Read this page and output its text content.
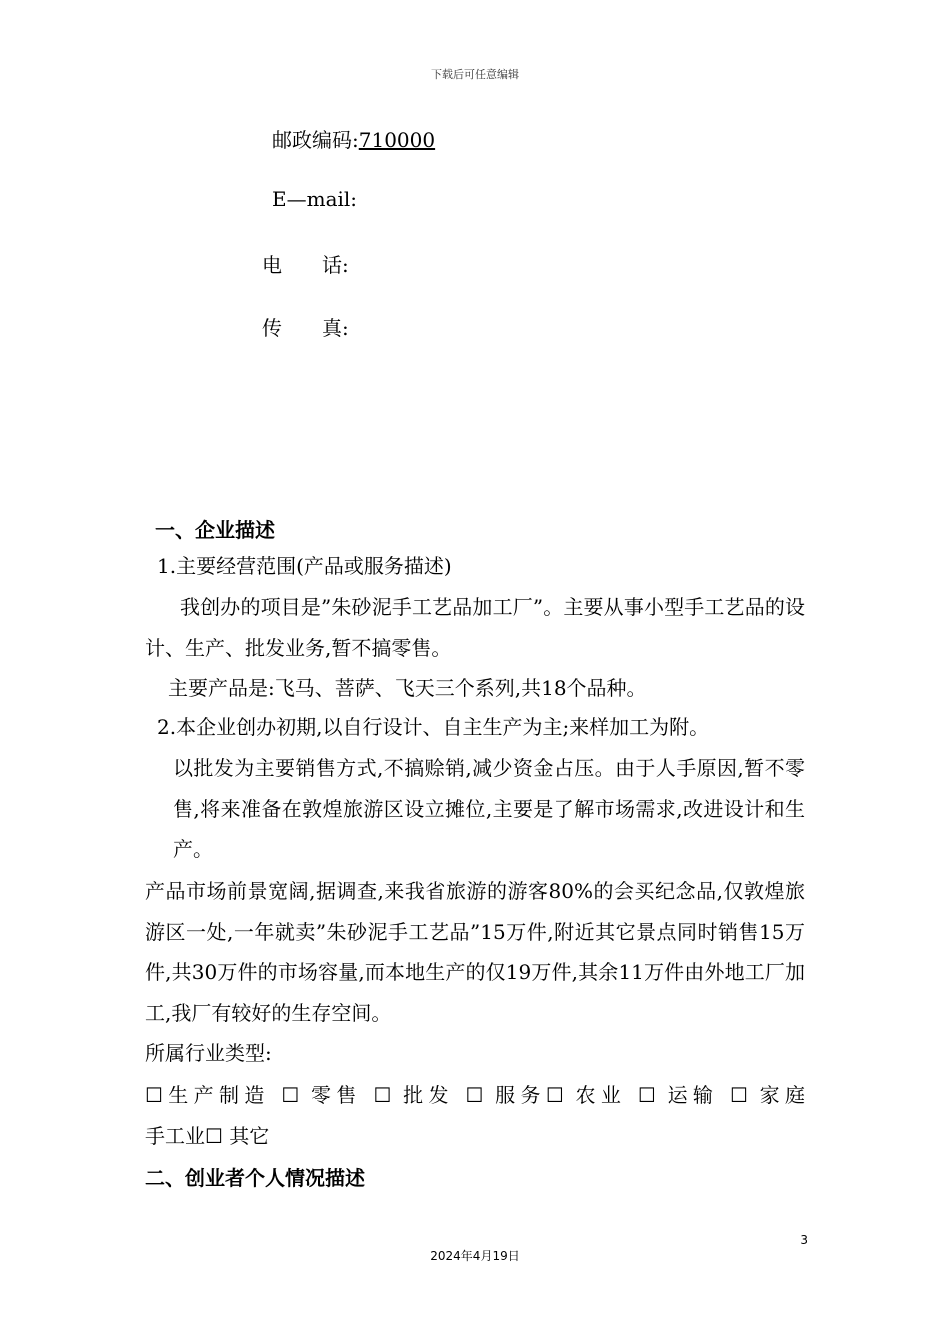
下载后可任意编辑
邮政编码:710000
E—mail:
电　　话:
传　　真:
一、企业描述
1.主要经营范围(产品或服务描述)
我创办的项目是”朱砂泥手工艺品加工厂”。主要从事小型手工艺品的设计、生产、批发业务,暂不搞零售。
主要产品是:飞马、菩萨、飞天三个系列,共18个品种。
2.本企业创办初期,以自行设计、自主生产为主;来样加工为附。
以批发为主要销售方式,不搞赊销,减少资金占压。由于人手原因,暂不零售,将来准备在敦煌旅游区设立摊位,主要是了解市场需求,改进设计和生产。
产品市场前景宽阔,据调查,来我省旅游的游客80%的会买纪念品,仅敦煌旅游区一处,一年就卖”朱砂泥手工艺品”15万件,附近其它景点同时销售15万件,共30万件的市场容量,而本地生产的仅19万件,其余11万件由外地工厂加工,我厂有较好的生存空间。
所属行业类型:
☐生产制造 ☐ 零售 ☐ 批发 ☐ 服务☐ 农业 ☐ 运输 ☐ 家庭
手工业☐ 其它
二、创业者个人情况描述
3
2024年4月19日
